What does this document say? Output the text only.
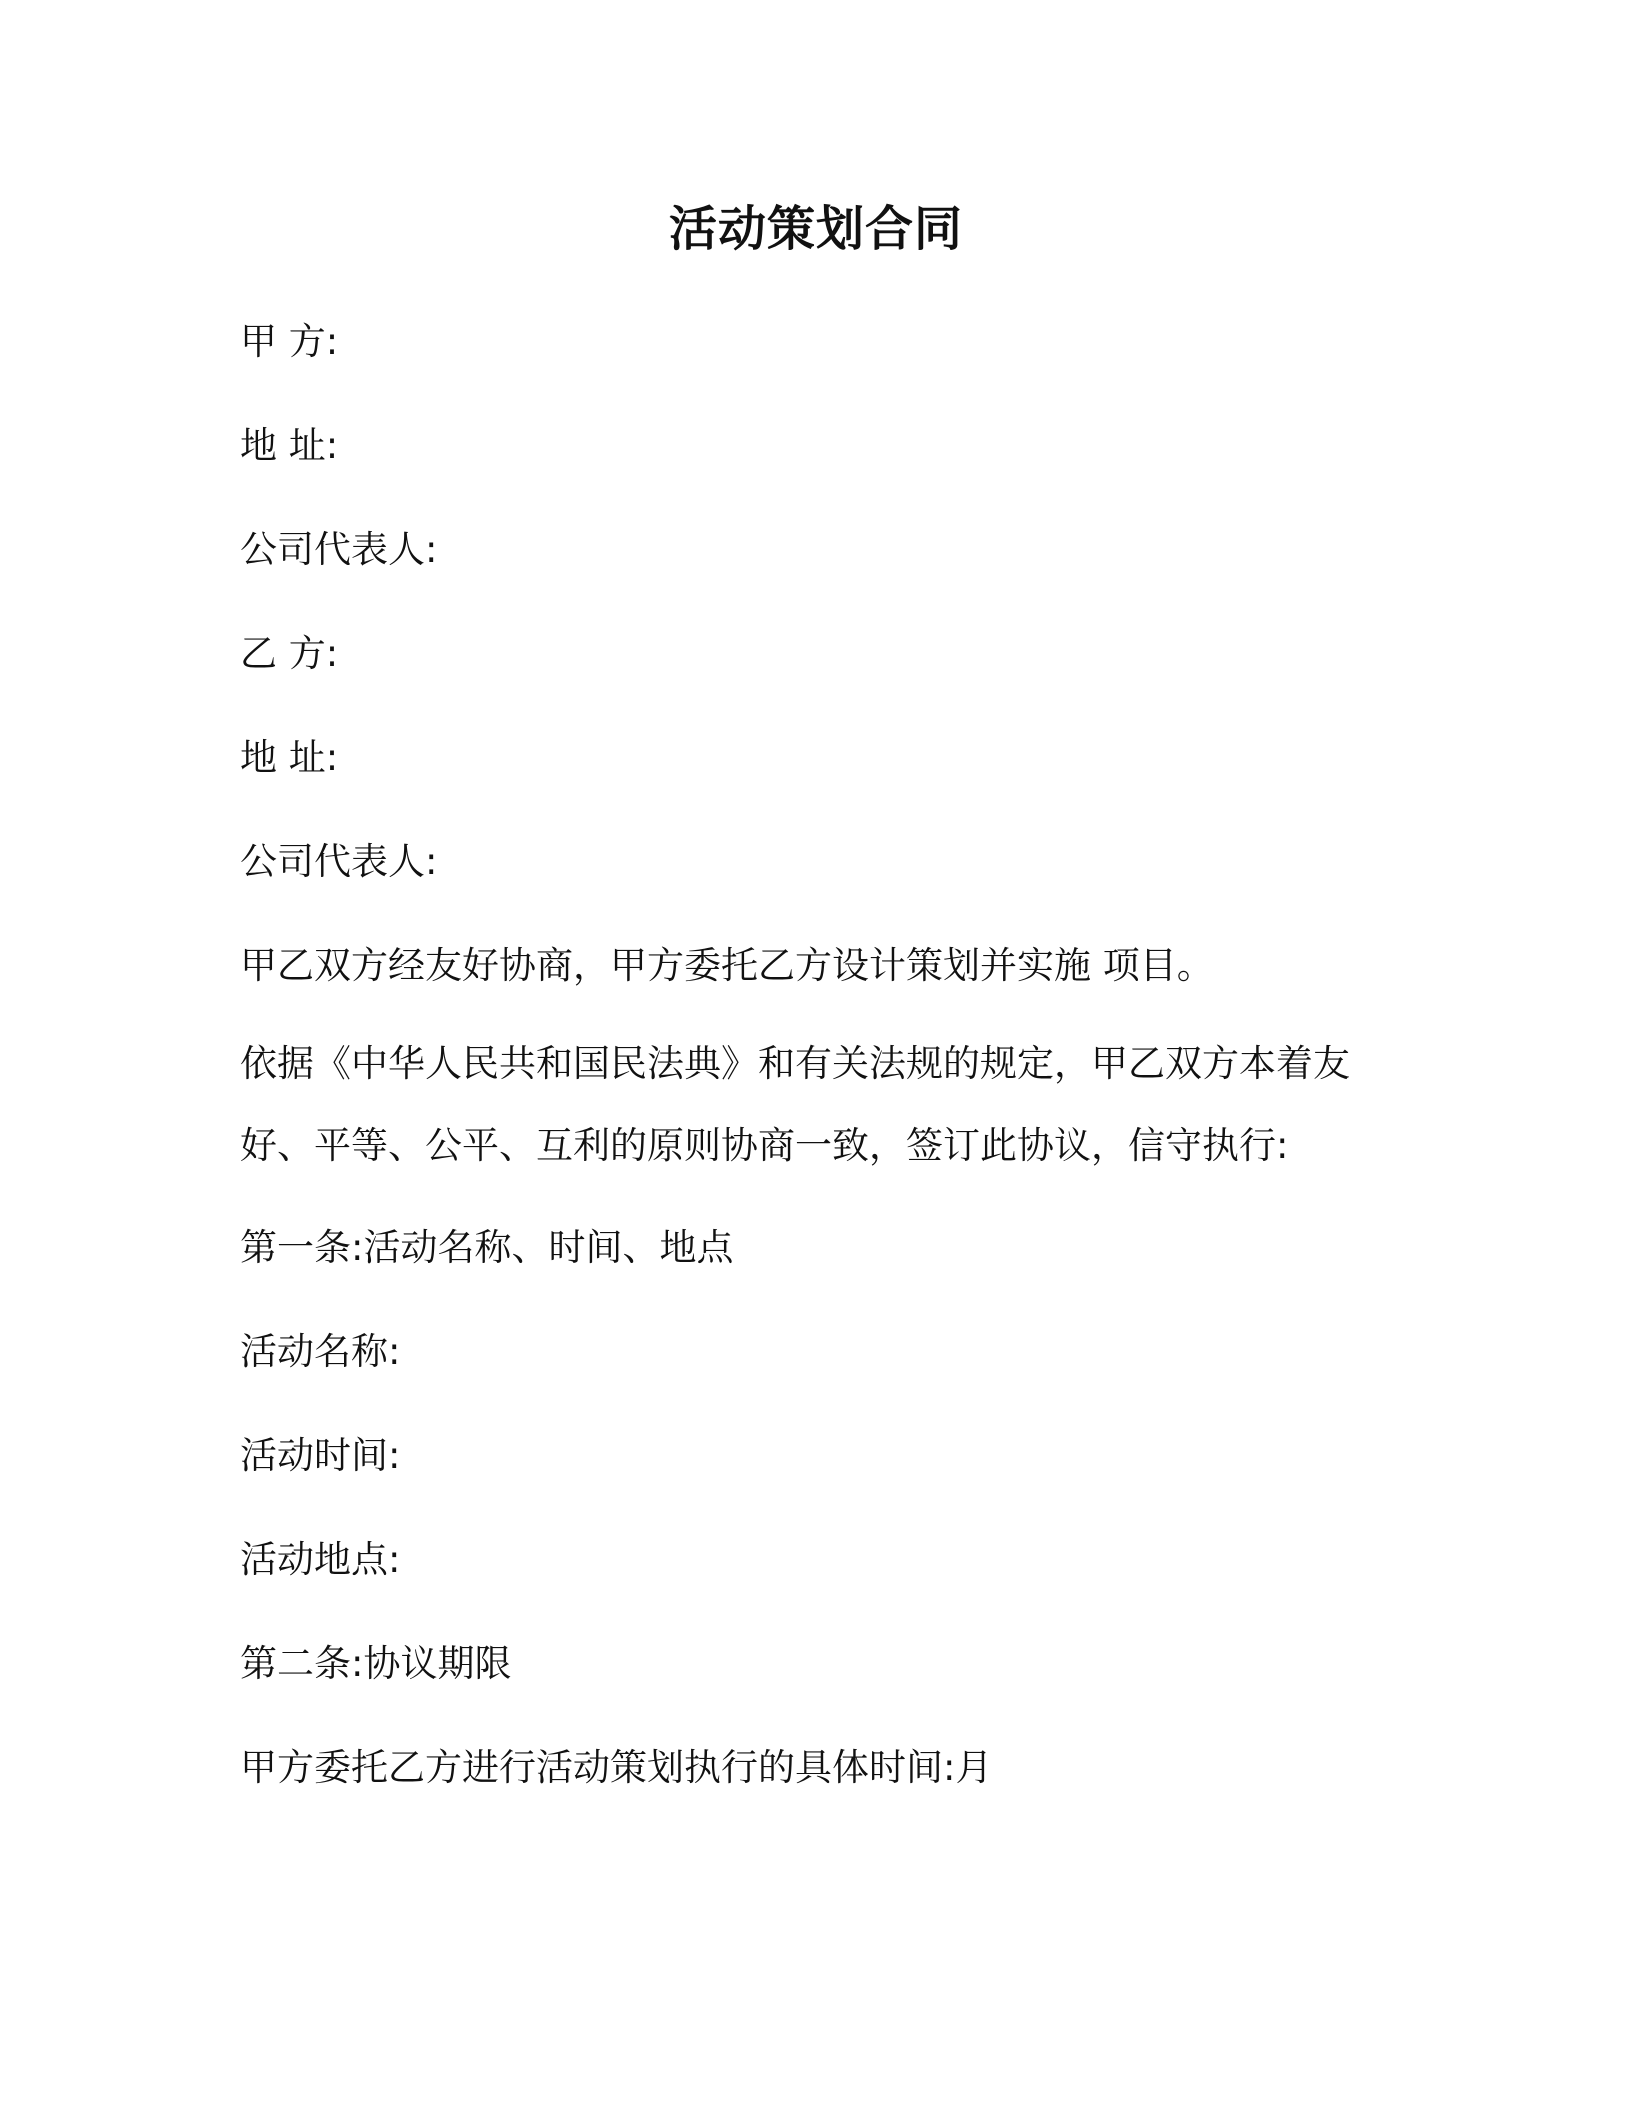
活动策划合同
甲 方:
地 址:
公司代表人:
乙 方:
地 址:
公司代表人:
甲乙双方经友好协商，甲方委托乙方设计策划并实施 项目。
依据《中华人民共和国民法典》和有关法规的规定，甲乙双方本着友
好、平等、公平、互利的原则协商一致，签订此协议，信守执行:
第一条:活动名称、时间、地点
活动名称:
活动时间:
活动地点:
第二条:协议期限
甲方委托乙方进行活动策划执行的具体时间:月
